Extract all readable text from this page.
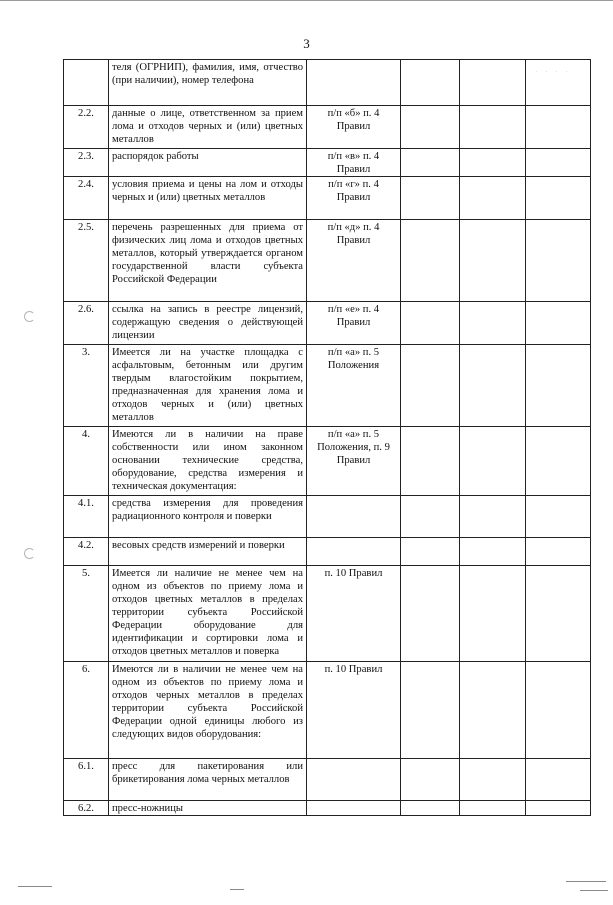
3
· · · ·
	теля (ОГРНИП), фамилия, имя, отчество (при наличии), номер телефона				
2.2.	данные о лице, ответственном за прием лома и отходов черных и (или) цветных металлов	п/п «б» п. 4 Правил			
2.3.	распорядок работы	п/п «в» п. 4 Правил			
2.4.	условия приема и цены на лом и отходы черных и (или) цветных металлов	п/п «г» п. 4 Правил			
2.5.	перечень разрешенных для приема от физических лиц лома и отходов цветных металлов, который утверждается органом государственной власти субъекта Российской Федерации	п/п «д» п. 4 Правил			
2.6.	ссылка на запись в реестре лицензий, содержащую сведения о действующей лицензии	п/п «е» п. 4 Правил			
3.	Имеется ли на участке площадка с асфальтовым, бетонным или другим твердым влагостойким покрытием, предназначенная для хранения лома и отходов черных и (или) цветных металлов	п/п «а» п. 5 Положения			
4.	Имеются ли в наличии на праве собственности или ином законном основании технические средства, оборудование, средства измерения и техническая документация:	п/п «а» п. 5 Положения, п. 9 Правил			
4.1.	средства измерения для проведения радиационного контроля и поверки				
4.2.	весовых средств измерений и поверки				
5.	Имеется ли наличие не менее чем на одном из объектов по приему лома и отходов цветных металлов в пределах территории субъекта Российской Федерации оборудование для идентификации и сортировки лома и отходов цветных металлов и поверка	п. 10 Правил			
6.	Имеются ли в наличии не менее чем на одном из объектов по приему лома и отходов черных металлов в пределах территории субъекта Российской Федерации одной единицы любого из следующих видов оборудования:	п. 10 Правил			
6.1.	пресс для пакетирования или брикетирования лома черных металлов				
6.2.	пресс-ножницы				
